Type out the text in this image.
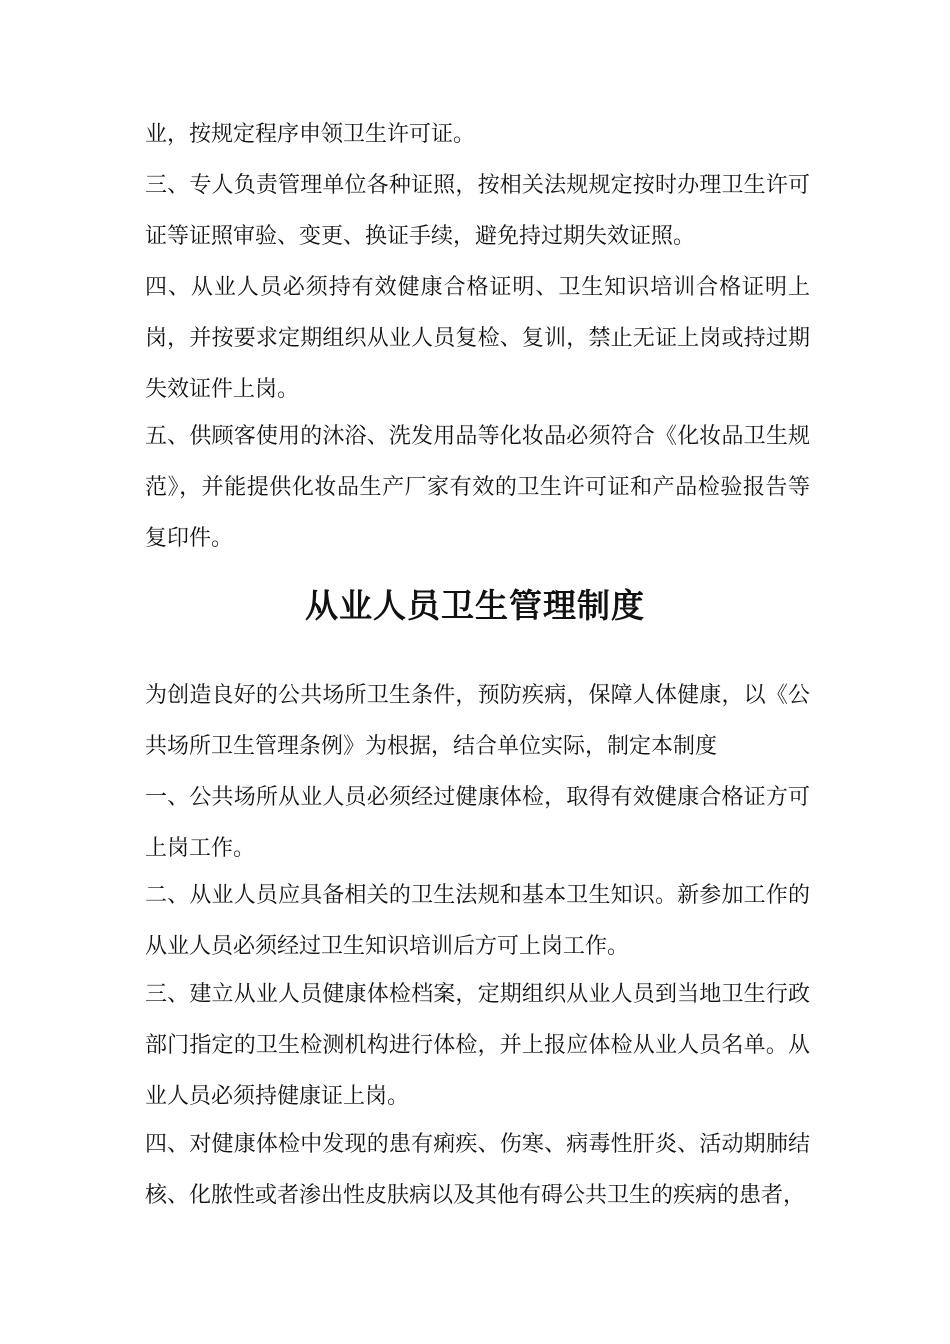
业，按规定程序申领卫生许可证。

三、专人负责管理单位各种证照，按相关法规规定按时办理卫生许可证等证照审验、变更、换证手续，避免持过期失效证照。

四、从业人员必须持有效健康合格证明、卫生知识培训合格证明上岗，并按要求定期组织从业人员复检、复训，禁止无证上岗或持过期失效证件上岗。

五、供顾客使用的沐浴、洗发用品等化妆品必须符合《化妆品卫生规范》，并能提供化妆品生产厂家有效的卫生许可证和产品检验报告等复印件。

从业人员卫生管理制度

为创造良好的公共场所卫生条件，预防疾病，保障人体健康，以《公共场所卫生管理条例》为根据，结合单位实际，制定本制度

一、公共场所从业人员必须经过健康体检，取得有效健康合格证方可上岗工作。

二、从业人员应具备相关的卫生法规和基本卫生知识。新参加工作的从业人员必须经过卫生知识培训后方可上岗工作。

三、建立从业人员健康体检档案，定期组织从业人员到当地卫生行政部门指定的卫生检测机构进行体检，并上报应体检从业人员名单。从业人员必须持健康证上岗。

四、对健康体检中发现的患有痢疾、伤寒、病毒性肝炎、活动期肺结核、化脓性或者渗出性皮肤病以及其他有碍公共卫生的疾病的患者，
